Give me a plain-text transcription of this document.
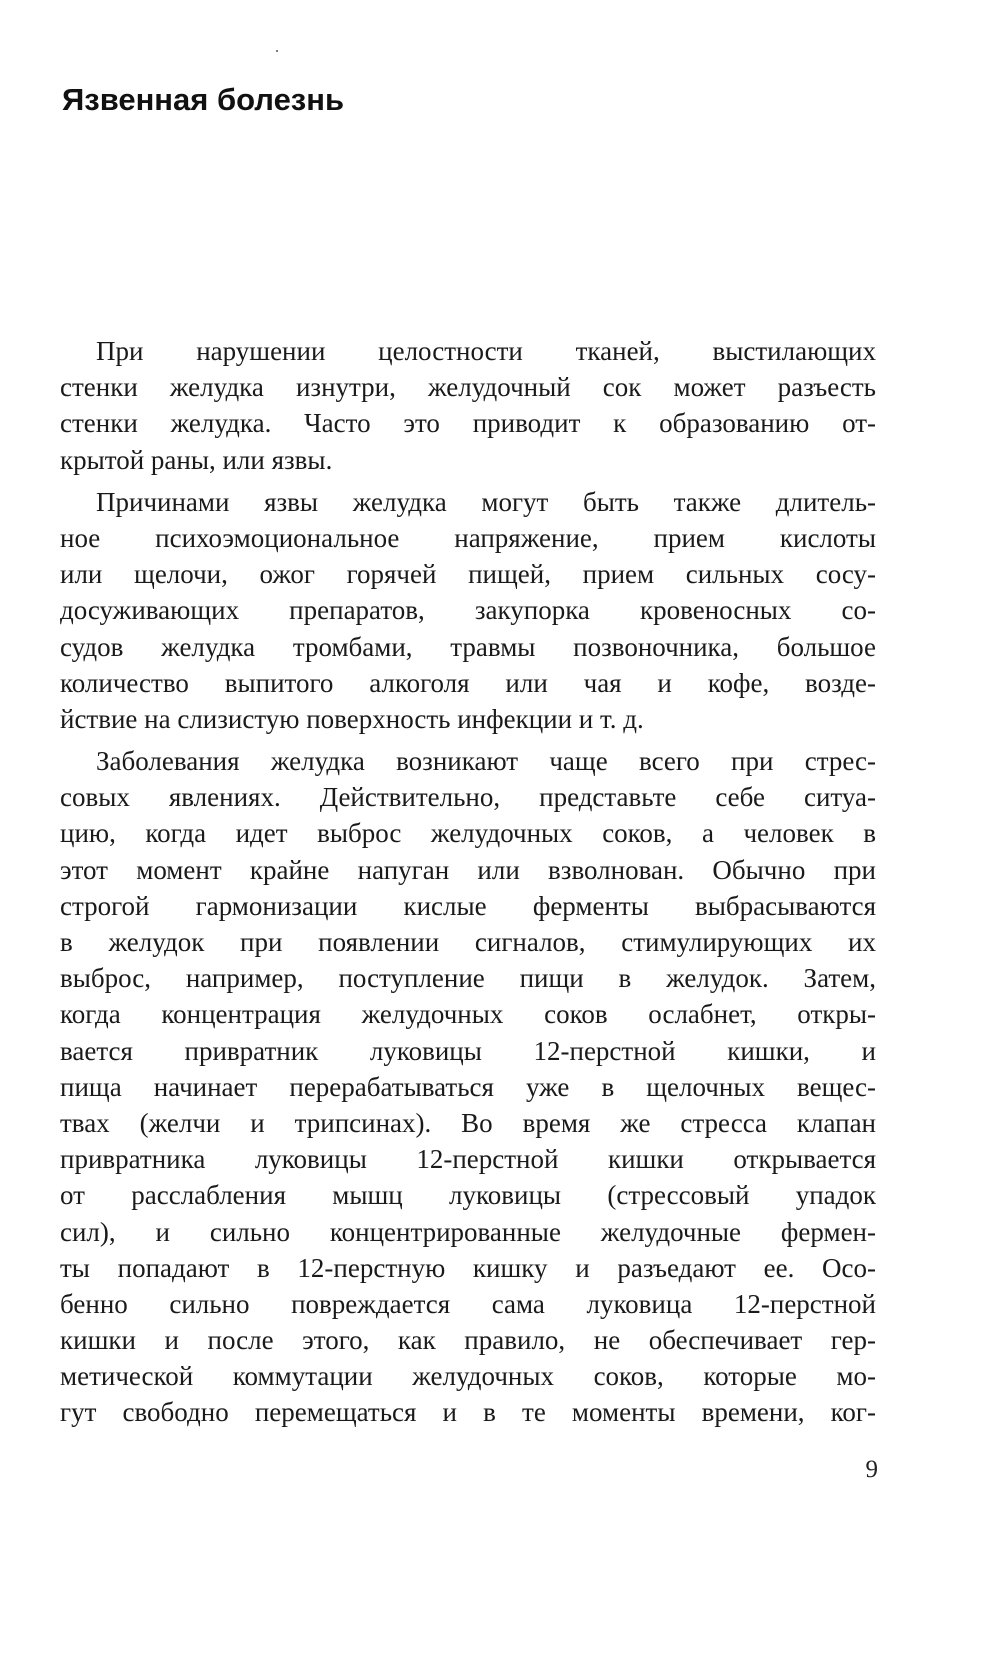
Язвенная болезнь

При нарушении целостности тканей, выстилающих
стенки желудка изнутри, желудочный сок может разъесть
стенки желудка. Часто это приводит к образованию от-
крытой раны, или язвы.

Причинами язвы желудка могут быть также длитель-
ное психоэмоциональное напряжение, прием кислоты
или щелочи, ожог горячей пищей, прием сильных сосу-
досуживающих препаратов, закупорка кровеносных со-
судов желудка тромбами, травмы позвоночника, большое
количество выпитого алкоголя или чая и кофе, возде-
йствие на слизистую поверхность инфекции и т. д.

Заболевания желудка возникают чаще всего при стрес-
совых явлениях. Действительно, представьте себе ситуа-
цию, когда идет выброс желудочных соков, а человек в
этот момент крайне напуган или взволнован. Обычно при
строгой гармонизации кислые ферменты выбрасываются
в желудок при появлении сигналов, стимулирующих их
выброс, например, поступление пищи в желудок. Затем,
когда концентрация желудочных соков ослабнет, откры-
вается привратник луковицы 12-перстной кишки, и
пища начинает перерабатываться уже в щелочных вещес-
твах (желчи и трипсинах). Во время же стресса клапан
привратника луковицы 12-перстной кишки открывается
от расслабления мышц луковицы (стрессовый упадок
сил), и сильно концентрированные желудочные фермен-
ты попадают в 12-перстную кишку и разъедают ее. Осо-
бенно сильно повреждается сама луковица 12-перстной
кишки и после этого, как правило, не обеспечивает гер-
метической коммутации желудочных соков, которые мо-
гут свободно перемещаться и в те моменты времени, ког-

9
